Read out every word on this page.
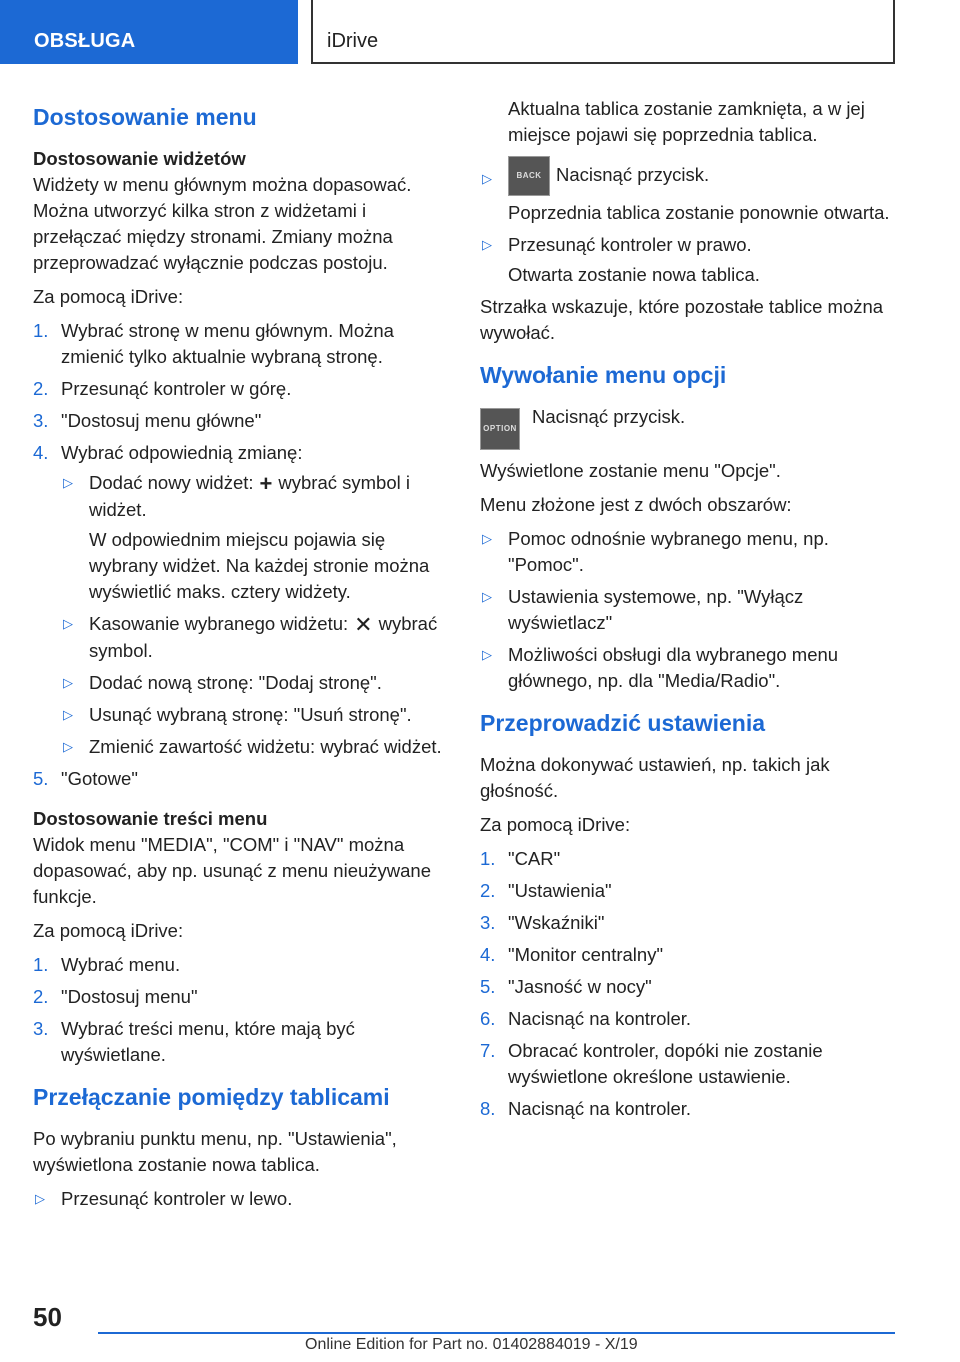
OBSŁUGA	iDrive
Dostosowanie menu
Dostosowanie widżetów

Widżety w menu głównym można dopasować. Można utworzyć kilka stron z widżetami i przełączać między stronami. Zmiany można przeprowadzać wyłącznie podczas postoju.

Za pomocą iDrive:

1. Wybrać stronę w menu głównym. Można zmienić tylko aktualnie wybraną stronę.
2. Przesunąć kontroler w górę.
3. "Dostosuj menu główne"
4. Wybrać odpowiednią zmianę:
▷ Dodać nowy widżet: + wybrać symbol i widżet.

W odpowiednim miejscu pojawia się wybrany widżet. Na każdej stronie można wyświetlić maks. cztery widżety.

▷ Kasowanie wybranego widżetu: ✕ wybrać symbol.
▷ Dodać nową stronę: "Dodaj stronę".
▷ Usunąć wybraną stronę: "Usuń stronę".
▷ Zmienić zawartość widżetu: wybrać widżet.
5. "Gotowe"
Dostosowanie treści menu

Widok menu "MEDIA", "COM" i "NAV" można dopasować, aby np. usunąć z menu nieużywane funkcje.

Za pomocą iDrive:

1. Wybrać menu.
2. "Dostosuj menu"
3. Wybrać treści menu, które mają być wyświetlane.
Przełączanie pomiędzy tablicami

Po wybraniu punktu menu, np. "Ustawienia", wyświetlona zostanie nowa tablica.

▷ Przesunąć kontroler w lewo.

Aktualna tablica zostanie zamknięta, a w jej miejsce pojawi się poprzednia tablica.

▷	BACK Nacisnąć przycisk.

Poprzednia tablica zostanie ponownie otwarta.

▷ Przesunąć kontroler w prawo.

Otwarta zostanie nowa tablica.

Strzałka wskazuje, które pozostałe tablice można wywołać.

Wywołanie menu opcji
OPTION

Nacisnąć przycisk.

Wyświetlone zostanie menu "Opcje".

Menu złożone jest z dwóch obszarów:

▷ Pomoc odnośnie wybranego menu, np. "Pomoc".
▷ Ustawienia systemowe, np. "Wyłącz wyświetlacz"
▷ Możliwości obsługi dla wybranego menu głównego, np. dla "Media/Radio".
Przeprowadzić ustawienia

Można dokonywać ustawień, np. takich jak głośność.

Za pomocą iDrive:

1. "CAR"
2. "Ustawienia"
3. "Wskaźniki"
4. "Monitor centralny"
5. "Jasność w nocy"
6. Nacisnąć na kontroler.
7. Obracać kontroler, dopóki nie zostanie wyświetlone określone ustawienie.
8. Nacisnąć na kontroler.
50
Online Edition for Part no. 01402884019 - X/19
